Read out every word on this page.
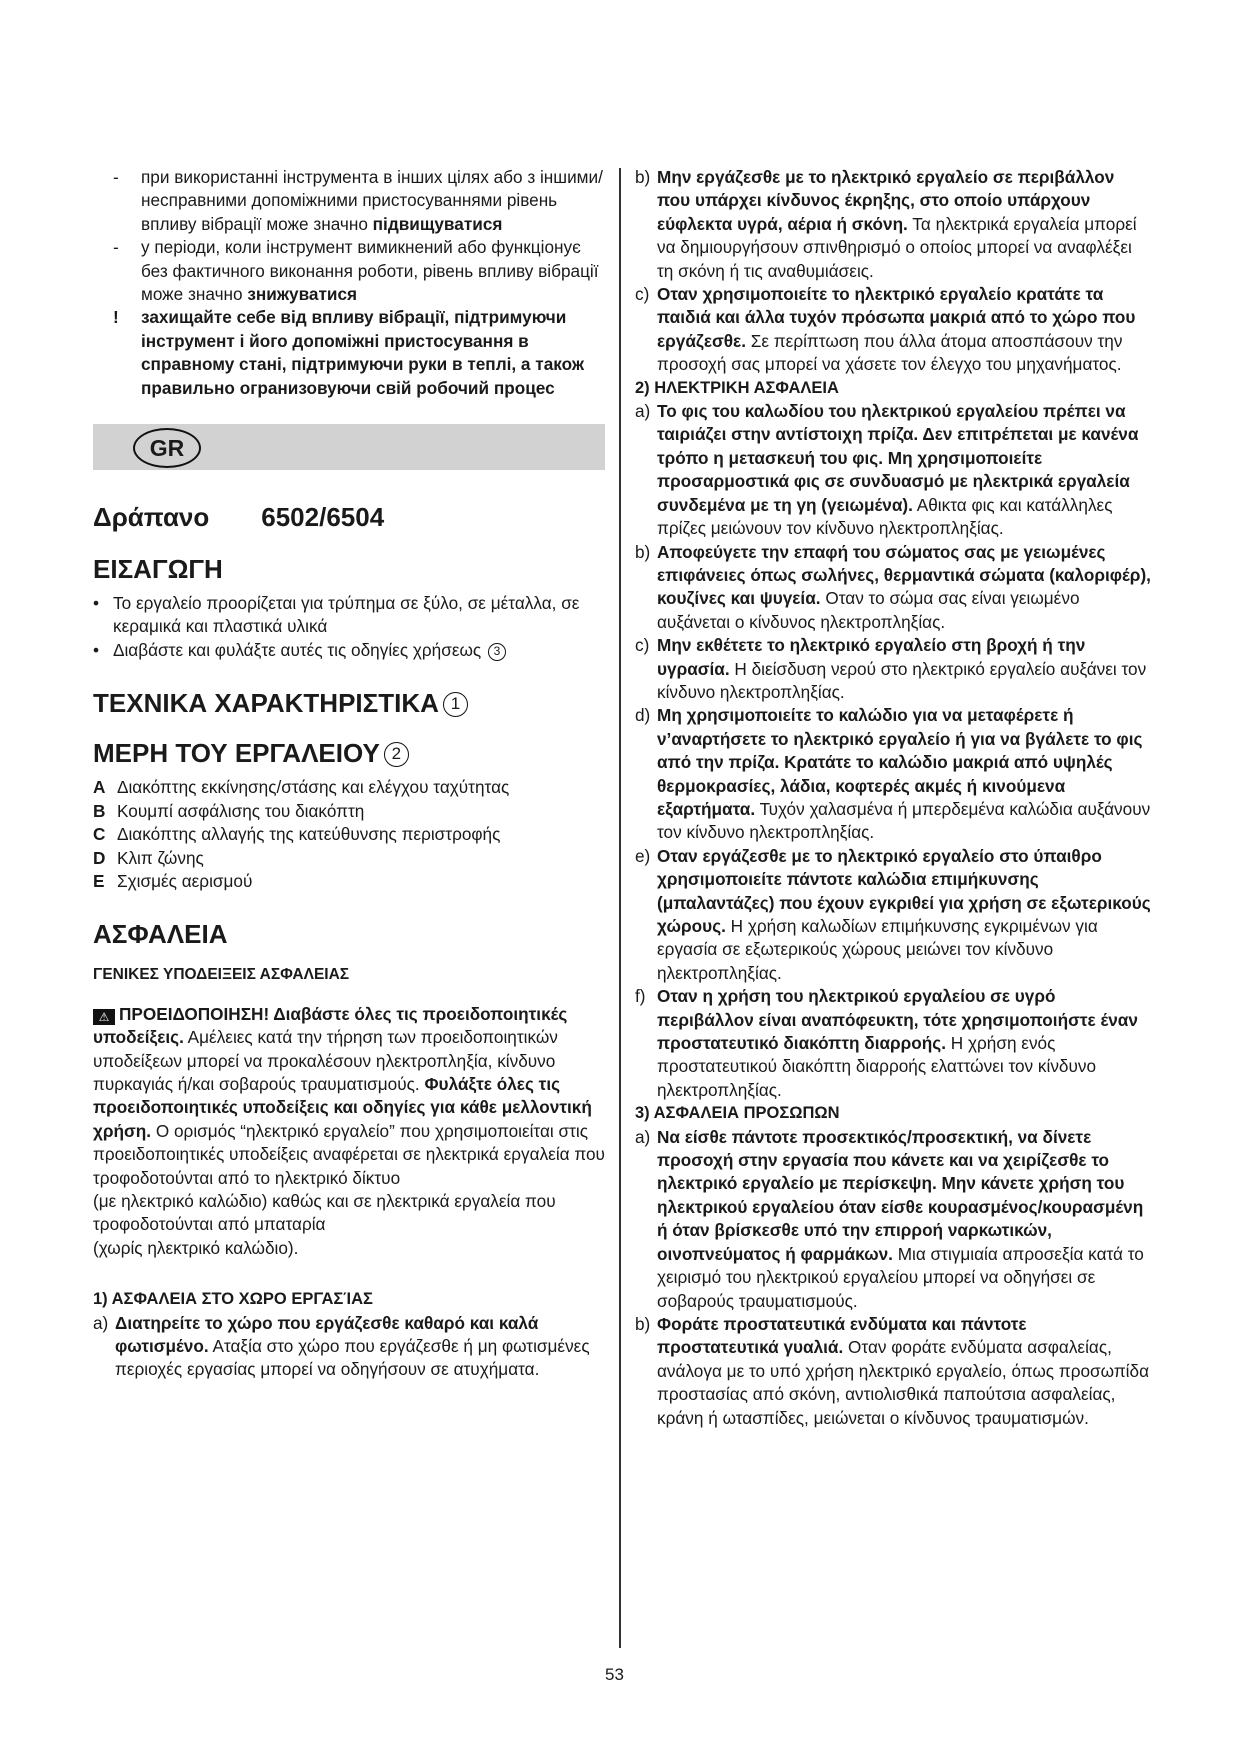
-	при використанні інструмента в інших цілях або з іншими/несправними допоміжними пристосуваннями рівень впливу вібрації може значно підвищуватися
-	у періоди, коли інструмент вимикнений або функціонує без фактичного виконання роботи, рівень впливу вібрації може значно знижуватися
!	захищайте себе від впливу вібрації, підтримуючи інструмент і його допоміжні пристосування в справному стані, підтримуючи руки в теплі, а також правильно огранизовуючи свій робочий процес
GR
Δράπανο 6502/6504
ΕΙΣΑΓΩΓΗ
• Το εργαλείο προορίζεται για τρύπημα σε ξύλο, σε μέταλλα, σε κεραμικά και πλαστικά υλικά
• Διαβάστε και φυλάξτε αυτές τις οδηγίες χρήσεως 3
ΤΕΧΝΙΚΑ ΧΑΡΑΚΤΗΡΙΣΤΙΚΑ 1
ΜΕΡΗ ΤΟΥ ΕΡΓΑΛΕΙΟΥ 2
A Διακόπτης εκκίνησης/στάσης και ελέγχου ταχύτητας
B Κουμπί ασφάλισης του διακόπτη
C Διακόπτης αλλαγής της κατεύθυνσης περιστροφής
D Κλιπ ζώνης
E Σχισμές αερισμού
ΑΣΦΑΛΕΙΑ
ΓΕΝΙΚΕΣ ΥΠΟΔΕΙΞΕΙΣ ΑΣΦΑΛΕΙΑΣ
⚠ ΠΡΟΕΙΔΟΠΟΙΗΣΗ! Διαβάστε όλες τις προειδοποιητικές υποδείξεις. Αμέλειες κατά την τήρηση των προειδοποιητικών υποδείξεων μπορεί να προκαλέσουν ηλεκτροπληξία, κίνδυνο πυρκαγιάς ή/και σοβαρούς τραυματισμούς. Φυλάξτε όλες τις προειδοποιητικές υποδείξεις και οδηγίες για κάθε μελλοντική χρήση. Ο ορισμός “ηλεκτρικό εργαλείο” που χρησιμοποιείται στις προειδοποιητικές υποδείξεις αναφέρεται σε ηλεκτρικά εργαλεία που τροφοδοτούνται από το ηλεκτρικό δίκτυο
(με ηλεκτρικό καλώδιο) καθώς και σε ηλεκτρικά εργαλεία που τροφοδοτούνται από μπαταρία
(χωρίς ηλεκτρικό καλώδιο).
1) ΑΣΦΑΛΕΙΑ ΣΤΟ ΧΩΡΟ ΕΡΓΑΣΊΑΣ
a) Διατηρείτε το χώρο που εργάζεσθε καθαρό και καλά φωτισμένο. Αταξία στο χώρο που εργάζεσθε ή μη φωτισμένες περιοχές εργασίας μπορεί να οδηγήσουν σε ατυχήματα.
b) Μην εργάζεσθε με το ηλεκτρικό εργαλείο σε περιβάλλον που υπάρχει κίνδυνος έκρηξης, στο οποίο υπάρχουν εύφλεκτα υγρά, αέρια ή σκόνη. Τα ηλεκτρικά εργαλεία μπορεί να δημιουργήσουν σπινθηρισμό ο οποίος μπορεί να αναφλέξει τη σκόνη ή τις αναθυμιάσεις.
c) Οταν χρησιμοποιείτε το ηλεκτρικό εργαλείο κρατάτε τα παιδιά και άλλα τυχόν πρόσωπα μακριά από το χώρο που εργάζεσθε. Σε περίπτωση που άλλα άτομα αποσπάσουν την προσοχή σας μπορεί να χάσετε τον έλεγχο του μηχανήματος.
2) ΗΛΕΚΤΡΙΚΗ ΑΣΦΑΛΕΙΑ
a) Το φις του καλωδίου του ηλεκτρικού εργαλείου πρέπει να ταιριάζει στην αντίστοιχη πρίζα. Δεν επιτρέπεται με κανένα τρόπο η μετασκευή του φις. Μη χρησιμοποιείτε προσαρμοστικά φις σε συνδυασμό με ηλεκτρικά εργαλεία συνδεμένα με τη γη (γειωμένα). Αθικτα φις και κατάλληλες πρίζες μειώνουν τον κίνδυνο ηλεκτροπληξίας.
b) Αποφεύγετε την επαφή του σώματος σας με γειωμένες επιφάνειες όπως σωλήνες, θερμαντικά σώματα (καλοριφέρ), κουζίνες και ψυγεία. Οταν το σώμα σας είναι γειωμένο αυξάνεται ο κίνδυνος ηλεκτροπληξίας.
c) Μην εκθέτετε το ηλεκτρικό εργαλείο στη βροχή ή την υγρασία. Η διείσδυση νερού στο ηλεκτρικό εργαλείο αυξάνει τον κίνδυνο ηλεκτροπληξίας.
d) Μη χρησιμοποιείτε το καλώδιο για να μεταφέρετε ή ν’αναρτήσετε το ηλεκτρικό εργαλείο ή για να βγάλετε το φις από την πρίζα. Κρατάτε το καλώδιο μακριά από υψηλές θερμοκρασίες, λάδια, κοφτερές ακμές ή κινούμενα εξαρτήματα. Τυχόν χαλασμένα ή μπερδεμένα καλώδια αυξάνουν τον κίνδυνο ηλεκτροπληξίας.
e) Οταν εργάζεσθε με το ηλεκτρικό εργαλείο στο ύπαιθρο χρησιμοποιείτε πάντοτε καλώδια επιμήκυνσης (μπαλαντάζες) που έχουν εγκριθεί για χρήση σε εξωτερικούς χώρους. Η χρήση καλωδίων επιμήκυνσης εγκριμένων για εργασία σε εξωτερικούς χώρους μειώνει τον κίνδυνο ηλεκτροπληξίας.
f) Οταν η χρήση του ηλεκτρικού εργαλείου σε υγρό περιβάλλον είναι αναπόφευκτη, τότε χρησιμοποιήστε έναν προστατευτικό διακόπτη διαρροής. Η χρήση ενός προστατευτικού διακόπτη διαρροής ελαττώνει τον κίνδυνο ηλεκτροπληξίας.
3) ΑΣΦΑΛΕΙΑ ΠΡΟΣΩΠΩΝ
a) Να είσθε πάντοτε προσεκτικός/προσεκτική, να δίνετε προσοχή στην εργασία που κάνετε και να χειρίζεσθε το ηλεκτρικό εργαλείο με περίσκεψη. Μην κάνετε χρήση του ηλεκτρικού εργαλείου όταν είσθε κουρασμένος/κουρασμένη ή όταν βρίσκεσθε υπό την επιρροή ναρκωτικών, οινοπνεύματος ή φαρμάκων. Μια στιγμιαία απροσεξία κατά το χειρισμό του ηλεκτρικού εργαλείου μπορεί να οδηγήσει σε σοβαρούς τραυματισμούς.
b) Φοράτε προστατευτικά ενδύματα και πάντοτε προστατευτικά γυαλιά. Οταν φοράτε ενδύματα ασφαλείας, ανάλογα με το υπό χρήση ηλεκτρικό εργαλείο, όπως προσωπίδα προστασίας από σκόνη, αντιολισθικά παπούτσια ασφαλείας, κράνη ή ωτασπίδες, μειώνεται ο κίνδυνος τραυματισμών.
53
